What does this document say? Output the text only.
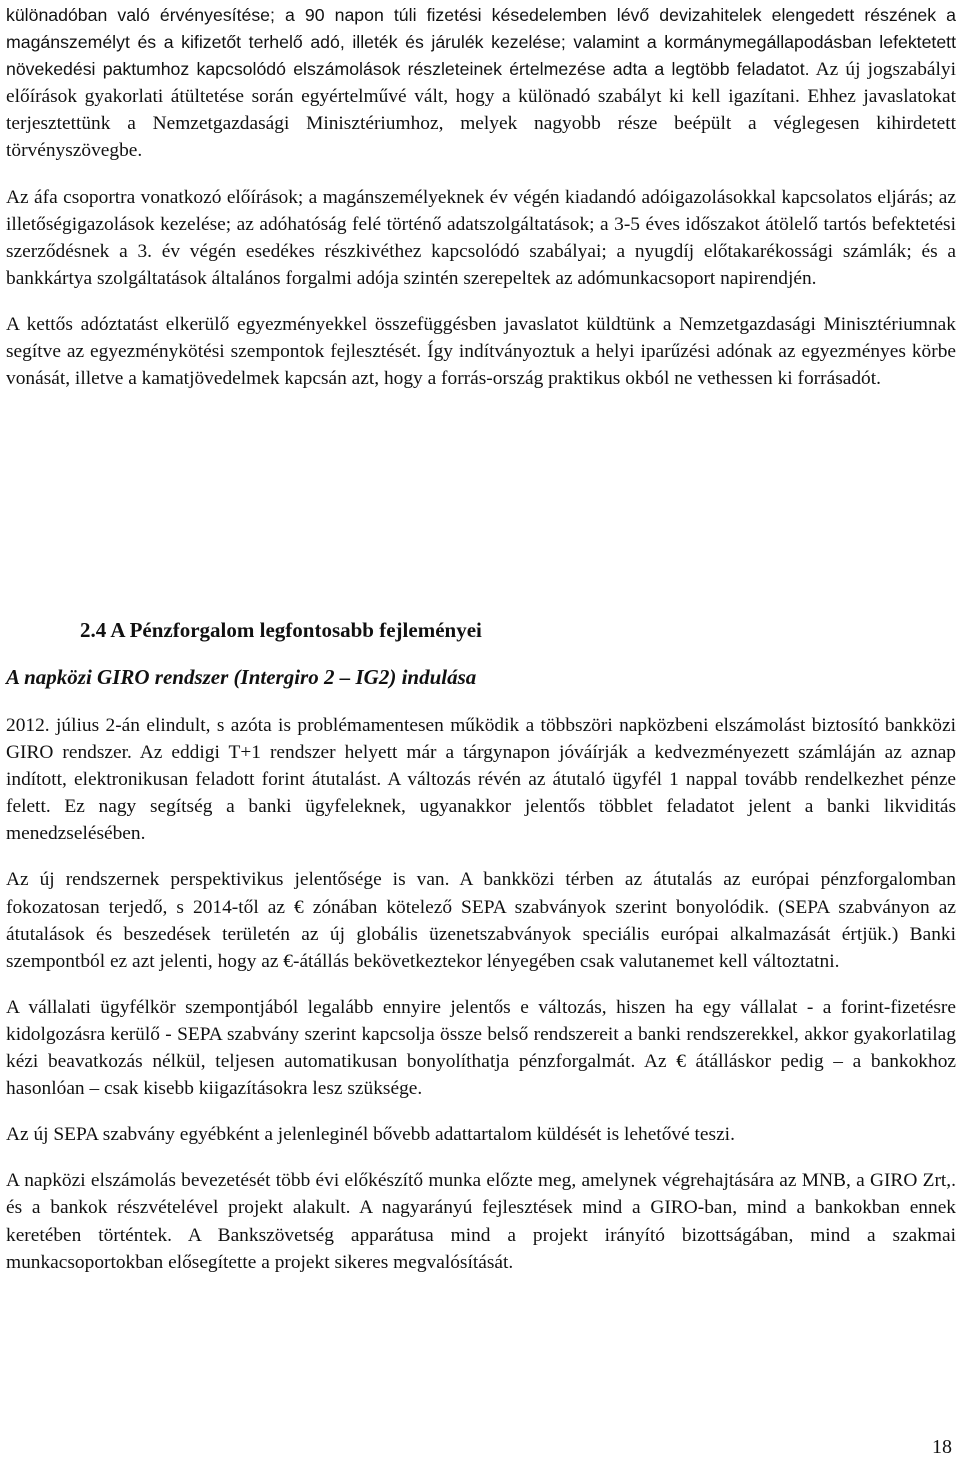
különadóban való érvényesítése; a 90 napon túli fizetési késedelemben lévő devizahitelek elengedett részének a magánszemélyt és a kifizetőt terhelő adó, illeték és járulék kezelése; valamint a kormánymegállapodásban lefektetett növekedési paktumhoz kapcsolódó elszámolások részleteinek értelmezése adta a legtöbb feladatot. Az új jogszabályi előírások gyakorlati átültetése során egyértelművé vált, hogy a különadó szabályt ki kell igazítani. Ehhez javaslatokat terjesztettünk a Nemzetgazdasági Minisztériumhoz, melyek nagyobb része beépült a véglegesen kihirdetett törvényszövegbe.

Az áfa csoportra vonatkozó előírások; a magánszemélyeknek év végén kiadandó adóigazolásokkal kapcsolatos eljárás; az illetőségigazolások kezelése; az adóhatóság felé történő adatszolgáltatások; a 3-5 éves időszakot átölelő tartós befektetési szerződésnek a 3. év végén esedékes részkivéthez kapcsolódó szabályai; a nyugdíj előtakarékossági számlák; és a bankkártya szolgáltatások általános forgalmi adója szintén szerepeltek az adómunkacsoport napirendjén.

A kettős adóztatást elkerülő egyezményekkel összefüggésben javaslatot küldtünk a Nemzetgazdasági Minisztériumnak segítve az egyezménykötési szempontok fejlesztését. Így indítványoztuk a helyi iparűzési adónak az egyezményes körbe vonását, illetve a kamatjövedelmek kapcsán azt, hogy a forrás-ország praktikus okból ne vethessen ki forrásadót.

2.4 A Pénzforgalom legfontosabb fejleményei
A napközi GIRO rendszer (Intergiro 2 – IG2) indulása

2012. július 2-án elindult, s azóta is problémamentesen működik a többszöri napközbeni elszámolást biztosító bankközi GIRO rendszer. Az eddigi T+1 rendszer helyett már a tárgynapon jóváírják a kedvezményezett számláján az aznap indított, elektronikusan feladott forint átutalást. A változás révén az átutaló ügyfél 1 nappal tovább rendelkezhet pénze felett. Ez nagy segítség a banki ügyfeleknek, ugyanakkor jelentős többlet feladatot jelent a banki likviditás menedzselésében.

Az új rendszernek perspektivikus jelentősége is van. A bankközi térben az átutalás az európai pénzforgalomban fokozatosan terjedő, s 2014-től az € zónában kötelező SEPA szabványok szerint bonyolódik. (SEPA szabványon az átutalások és beszedések területén az új globális üzenetszabványok speciális európai alkalmazását értjük.) Banki szempontból ez azt jelenti, hogy az €-átállás bekövetkeztekor lényegében csak valutanemet kell változtatni.

A vállalati ügyfélkör szempontjából legalább ennyire jelentős e változás, hiszen ha egy vállalat - a forint-fizetésre kidolgozásra kerülő - SEPA szabvány szerint kapcsolja össze belső rendszereit a banki rendszerekkel, akkor gyakorlatilag kézi beavatkozás nélkül, teljesen automatikusan bonyolíthatja pénzforgalmát. Az € átálláskor pedig – a bankokhoz hasonlóan – csak kisebb kiigazításokra lesz szüksége.

Az új SEPA szabvány egyébként a jelenleginél bővebb adattartalom küldését is lehetővé teszi.

A napközi elszámolás bevezetését több évi előkészítő munka előzte meg, amelynek végrehajtására az MNB, a GIRO Zrt,. és a bankok részvételével projekt alakult. A nagyarányú fejlesztések mind a GIRO-ban, mind a bankokban ennek keretében történtek. A Bankszövetség apparátusa mind a projekt irányító bizottságában, mind a szakmai munkacsoportokban elősegítette a projekt sikeres megvalósítását.

18
